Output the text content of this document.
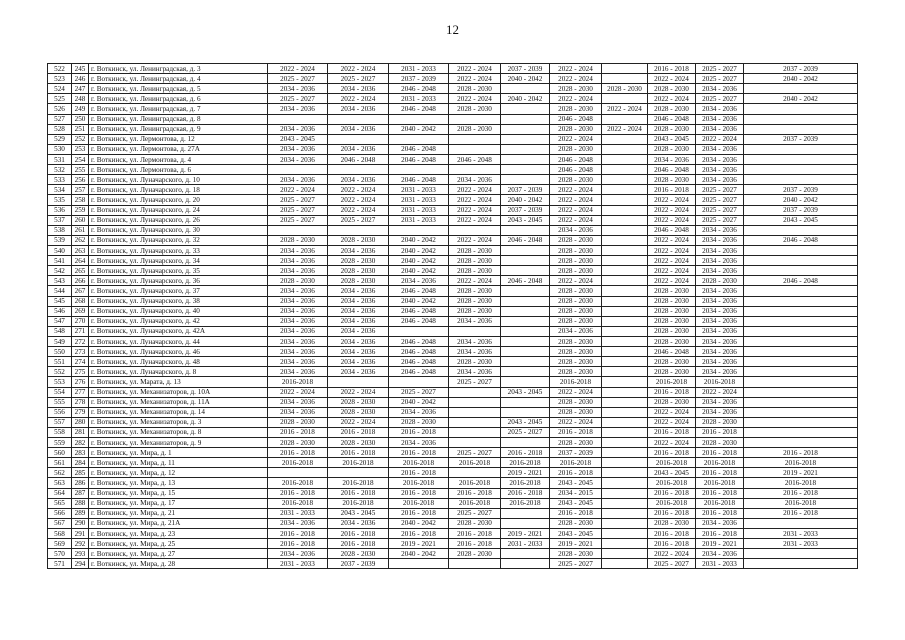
12
522	245	г. Воткинск, ул. Ленинградская, д. 3	2022 - 2024	2022 - 2024	2031 - 2033	2022 - 2024	2037 - 2039	2022 - 2024		2016 - 2018	2025 - 2027	2037 - 2039
523	246	г. Воткинск, ул. Ленинградская, д. 4	2025 - 2027	2025 - 2027	2037 - 2039	2022 - 2024	2040 - 2042	2022 - 2024		2022 - 2024	2025 - 2027	2040 - 2042
524	247	г. Воткинск, ул. Ленинградская, д. 5	2034 - 2036	2034 - 2036	2046 - 2048	2028 - 2030		2028 - 2030	2028 - 2030	2028 - 2030	2034 - 2036	
525	248	г. Воткинск, ул. Ленинградская, д. 6	2025 - 2027	2022 - 2024	2031 - 2033	2022 - 2024	2040 - 2042	2022 - 2024		2022 - 2024	2025 - 2027	2040 - 2042
526	249	г. Воткинск, ул. Ленинградская, д. 7	2034 - 2036	2034 - 2036	2046 - 2048	2028 - 2030		2028 - 2030	2022 - 2024	2028 - 2030	2034 - 2036	
527	250	г. Воткинск, ул. Ленинградская, д. 8						2046 - 2048		2046 - 2048	2034 - 2036	
528	251	г. Воткинск, ул. Ленинградская, д. 9	2034 - 2036	2034 - 2036	2040 - 2042	2028 - 2030		2028 - 2030	2022 - 2024	2028 - 2030	2034 - 2036	
529	252	г. Воткинск, ул. Лермонтова, д. 12	2043 - 2045					2022 - 2024		2043 - 2045	2022 - 2024	2037 - 2039
530	253	г. Воткинск, ул. Лермонтова, д. 27А	2034 - 2036	2034 - 2036	2046 - 2048			2028 - 2030		2028 - 2030	2034 - 2036	
531	254	г. Воткинск, ул. Лермонтова, д. 4	2034 - 2036	2046 - 2048	2046 - 2048	2046 - 2048		2046 - 2048		2034 - 2036	2034 - 2036	
532	255	г. Воткинск, ул. Лермонтова, д. 6						2046 - 2048		2046 - 2048	2034 - 2036	
533	256	г. Воткинск, ул. Луначарского, д. 10	2034 - 2036	2034 - 2036	2046 - 2048	2034 - 2036		2028 - 2030		2028 - 2030	2034 - 2036	
534	257	г. Воткинск, ул. Луначарского, д. 18	2022 - 2024	2022 - 2024	2031 - 2033	2022 - 2024	2037 - 2039	2022 - 2024		2016 - 2018	2025 - 2027	2037 - 2039
535	258	г. Воткинск, ул. Луначарского, д. 20	2025 - 2027	2022 - 2024	2031 - 2033	2022 - 2024	2040 - 2042	2022 - 2024		2022 - 2024	2025 - 2027	2040 - 2042
536	259	г. Воткинск, ул. Луначарского, д. 24	2025 - 2027	2022 - 2024	2031 - 2033	2022 - 2024	2037 - 2039	2022 - 2024		2022 - 2024	2025 - 2027	2037 - 2039
537	260	г. Воткинск, ул. Луначарского, д. 26	2025 - 2027	2025 - 2027	2031 - 2033	2022 - 2024	2043 - 2045	2022 - 2024		2022 - 2024	2025 - 2027	2043 - 2045
538	261	г. Воткинск, ул. Луначарского, д. 30						2034 - 2036		2046 - 2048	2034 - 2036	
539	262	г. Воткинск, ул. Луначарского, д. 32	2028 - 2030	2028 - 2030	2040 - 2042	2022 - 2024	2046 - 2048	2028 - 2030		2022 - 2024	2034 - 2036	2046 - 2048
540	263	г. Воткинск, ул. Луначарского, д. 33	2034 - 2036	2034 - 2036	2040 - 2042	2028 - 2030		2028 - 2030		2022 - 2024	2034 - 2036	
541	264	г. Воткинск, ул. Луначарского, д. 34	2034 - 2036	2028 - 2030	2040 - 2042	2028 - 2030		2028 - 2030		2022 - 2024	2034 - 2036	
542	265	г. Воткинск, ул. Луначарского, д. 35	2034 - 2036	2028 - 2030	2040 - 2042	2028 - 2030		2028 - 2030		2022 - 2024	2034 - 2036	
543	266	г. Воткинск, ул. Луначарского, д. 36	2028 - 2030	2028 - 2030	2034 - 2036	2022 - 2024	2046 - 2048	2022 - 2024		2022 - 2024	2028 - 2030	2046 - 2048
544	267	г. Воткинск, ул. Луначарского, д. 37	2034 - 2036	2034 - 2036	2046 - 2048	2028 - 2030		2028 - 2030		2028 - 2030	2034 - 2036	
545	268	г. Воткинск, ул. Луначарского, д. 38	2034 - 2036	2034 - 2036	2040 - 2042	2028 - 2030		2028 - 2030		2028 - 2030	2034 - 2036	
546	269	г. Воткинск, ул. Луначарского, д. 40	2034 - 2036	2034 - 2036	2046 - 2048	2028 - 2030		2028 - 2030		2028 - 2030	2034 - 2036	
547	270	г. Воткинск, ул. Луначарского, д. 42	2034 - 2036	2034 - 2036	2046 - 2048	2034 - 2036		2028 - 2030		2028 - 2030	2034 - 2036	
548	271	г. Воткинск, ул. Луначарского, д. 42А	2034 - 2036	2034 - 2036				2034 - 2036		2028 - 2030	2034 - 2036	
549	272	г. Воткинск, ул. Луначарского, д. 44	2034 - 2036	2034 - 2036	2046 - 2048	2034 - 2036		2028 - 2030		2028 - 2030	2034 - 2036	
550	273	г. Воткинск, ул. Луначарского, д. 46	2034 - 2036	2034 - 2036	2046 - 2048	2034 - 2036		2028 - 2030		2046 - 2048	2034 - 2036	
551	274	г. Воткинск, ул. Луначарского, д. 48	2034 - 2036	2034 - 2036	2046 - 2048	2028 - 2030		2028 - 2030		2028 - 2030	2034 - 2036	
552	275	г. Воткинск, ул. Луначарского, д. 8	2034 - 2036	2034 - 2036	2046 - 2048	2034 - 2036		2028 - 2030		2028 - 2030	2034 - 2036	
553	276	г. Воткинск, ул. Марата, д. 13	2016-2018			2025 - 2027		2016-2018		2016-2018	2016-2018	
554	277	г. Воткинск, ул. Механизаторов, д. 10А	2022 - 2024	2022 - 2024	2025 - 2027		2043 - 2045	2022 - 2024		2016 - 2018	2022 - 2024	
555	278	г. Воткинск, ул. Механизаторов, д. 11А	2034 - 2036	2028 - 2030	2040 - 2042			2028 - 2030		2028 - 2030	2034 - 2036	
556	279	г. Воткинск, ул. Механизаторов, д. 14	2034 - 2036	2028 - 2030	2034 - 2036			2028 - 2030		2022 - 2024	2034 - 2036	
557	280	г. Воткинск, ул. Механизаторов, д. 3	2028 - 2030	2022 - 2024	2028 - 2030		2043 - 2045	2022 - 2024		2022 - 2024	2028 - 2030	
558	281	г. Воткинск, ул. Механизаторов, д. 8	2016 - 2018	2016 - 2018	2016 - 2018		2025 - 2027	2016 - 2018		2016 - 2018	2016 - 2018	
559	282	г. Воткинск, ул. Механизаторов, д. 9	2028 - 2030	2028 - 2030	2034 - 2036			2028 - 2030		2022 - 2024	2028 - 2030	
560	283	г. Воткинск, ул. Мира, д. 1	2016 - 2018	2016 - 2018	2016 - 2018	2025 - 2027	2016 - 2018	2037 - 2039		2016 - 2018	2016 - 2018	2016 - 2018
561	284	г. Воткинск, ул. Мира, д. 11	2016-2018	2016-2018	2016-2018	2016-2018	2016-2018	2016-2018		2016-2018	2016-2018	2016-2018
562	285	г. Воткинск, ул. Мира, д. 12			2016 - 2018		2019 - 2021	2016 - 2018		2043 - 2045	2016 - 2018	2019 - 2021
563	286	г. Воткинск, ул. Мира, д. 13	2016-2018	2016-2018	2016-2018	2016-2018	2016-2018	2043 - 2045		2016-2018	2016-2018	2016-2018
564	287	г. Воткинск, ул. Мира, д. 15	2016 - 2018	2016 - 2018	2016 - 2018	2016 - 2018	2016 - 2018	2034 - 2015		2016 - 2018	2016 - 2018	2016 - 2018
565	288	г. Воткинск, ул. Мира, д. 17	2016-2018	2016-2018	2016-2018	2016-2018	2016-2018	2043 - 2045		2016-2018	2016-2018	2016-2018
566	289	г. Воткинск, ул. Мира, д. 21	2031 - 2033	2043 - 2045	2016 - 2018	2025 - 2027		2016 - 2018		2016 - 2018	2016 - 2018	2016 - 2018
567	290	г. Воткинск, ул. Мира, д. 21А	2034 - 2036	2034 - 2036	2040 - 2042	2028 - 2030		2028 - 2030		2028 - 2030	2034 - 2036	
568	291	г. Воткинск, ул. Мира, д. 23	2016 - 2018	2016 - 2018	2016 - 2018	2016 - 2018	2019 - 2021	2043 - 2045		2016 - 2018	2016 - 2018	2031 - 2033
569	292	г. Воткинск, ул. Мира, д. 25	2016 - 2018	2016 - 2018	2019 - 2021	2016 - 2018	2031 - 2033	2019 - 2021		2016 - 2018	2019 - 2021	2031 - 2033
570	293	г. Воткинск, ул. Мира, д. 27	2034 - 2036	2028 - 2030	2040 - 2042	2028 - 2030		2028 - 2030		2022 - 2024	2034 - 2036	
571	294	г. Воткинск, ул. Мира, д. 28	2031 - 2033	2037 - 2039				2025 - 2027		2025 - 2027	2031 - 2033	
